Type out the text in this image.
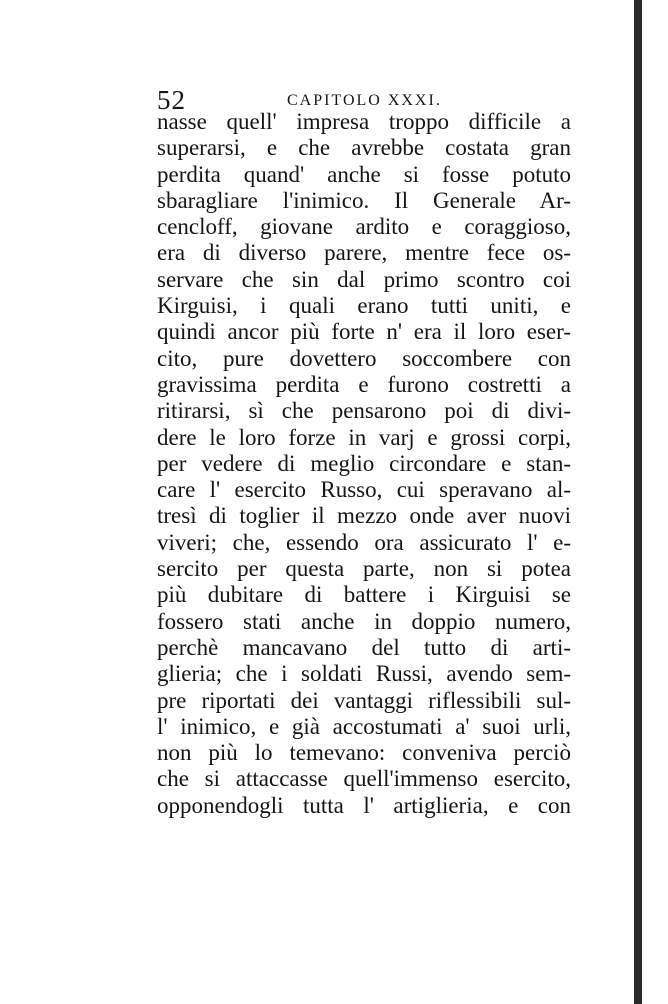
52	CAPITOLO XXXI.
nasse quell' impresa troppo difficile a
superarsi, e che avrebbe costata gran
perdita quand' anche si fosse potuto
sbaragliare l'inimico. Il Generale Ar-
cencloff, giovane ardito e coraggioso,
era di diverso parere, mentre fece os-
servare che sin dal primo scontro coi
Kirguisi, i quali erano tutti uniti, e
quindi ancor più forte n' era il loro eser-
cito, pure dovettero soccombere con
gravissima perdita e furono costretti a
ritirarsi, sì che pensarono poi di divi-
dere le loro forze in varj e grossi corpi,
per vedere di meglio circondare e stan-
care l' esercito Russo, cui speravano al-
tresì di toglier il mezzo onde aver nuovi
viveri; che, essendo ora assicurato l' e-
sercito per questa parte, non si potea
più dubitare di battere i Kirguisi se
fossero stati anche in doppio numero,
perchè mancavano del tutto di arti-
glieria; che i soldati Russi, avendo sem-
pre riportati dei vantaggi riflessibili sul-
l' inimico, e già accostumati a' suoi urli,
non più lo temevano: conveniva perciò
che si attaccasse quell'immenso esercito,
opponendogli tutta l' artiglieria, e con
